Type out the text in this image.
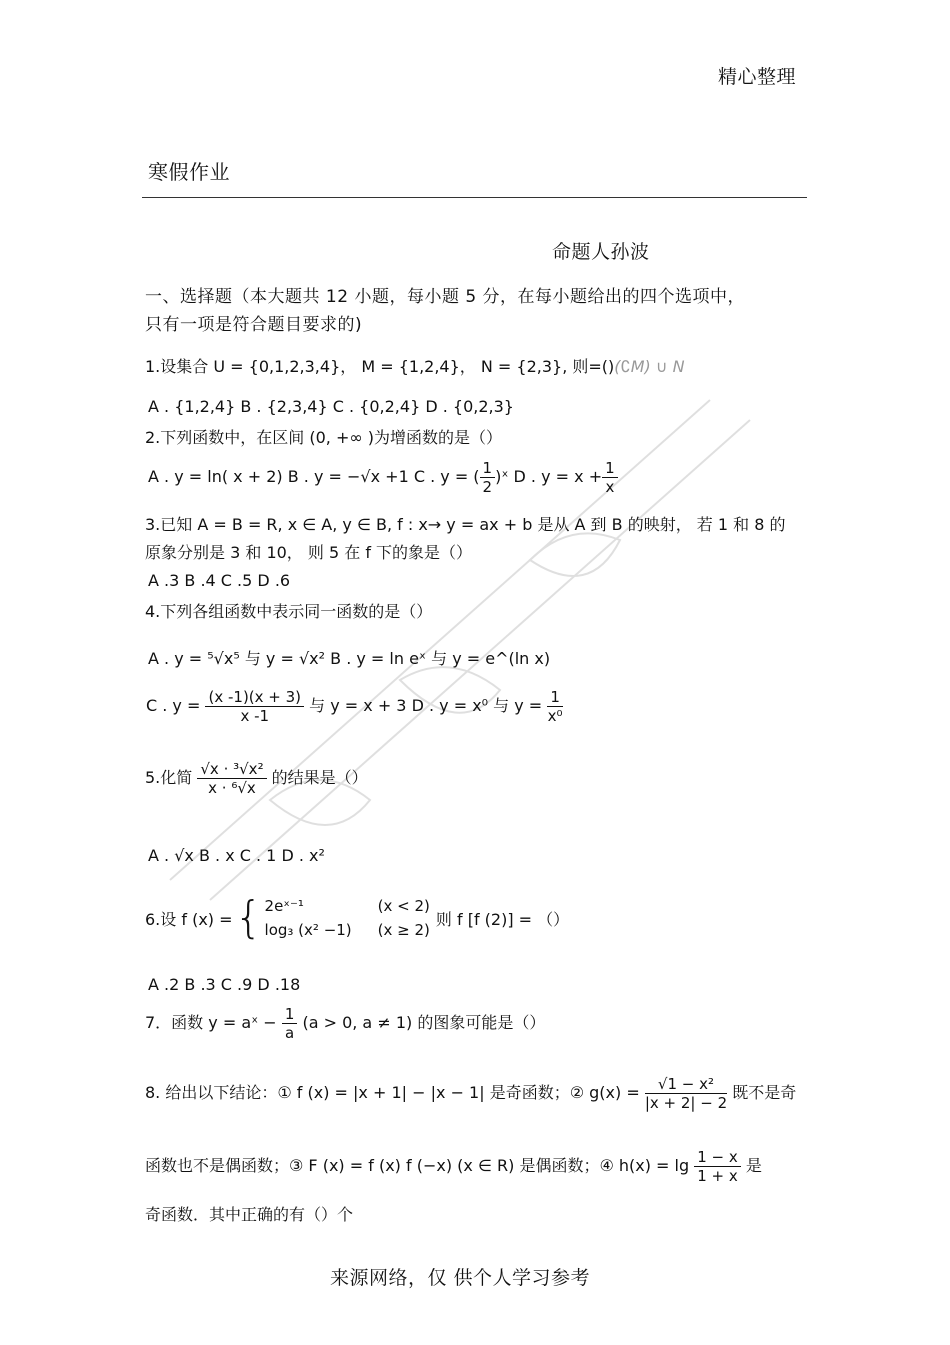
精心整理
寒假作业
命题人孙波
一、选择题（本大题共 12 小题，每小题 5 分，在每小题给出的四个选项中，
只有一项是符合题目要求的)
1.设集合 U = {0,1,2,3,4}， M = {1,2,4}， N = {2,3}, 则=()(∁M) ∪ N
A . {1,2,4} B . {2,3,4} C . {0,2,4} D . {0,2,3}
2.下列函数中，在区间 (0, +∞ )为增函数的是（）
A . y = ln( x + 2) B . y = −√x +1 C . y = ( $\frac{1}{2}$ )ˣ D . $y = x + \frac{1}{x}$
3.已知 A = B = R, x ∈ A, y ∈ B, f : x→ y = ax + b 是从 A 到 B 的映射， 若 1 和 8 的
原象分别是 3 和 10， 则 5 在 f 下的象是（）
A .3 B .4 C .5 D .6
4.下列各组函数中表示同一函数的是（）
A . y = ⁵√x⁵ 与 y = √x² B . y = ln eˣ 与 y = e^(ln x)
C . $y = \frac{(x -1)(x + 3)}{x -1}$ 与 y = x + 3 D . y = x⁰ 与 $y = \frac{1}{\text{x⁰}}$
5.化简 $\frac{\text{√x · ³√x²}}{\text{x · ⁶√x}}$ 的结果是（）
A . √x B . x C . 1 D . x²
6.设 f (x) = { 2eˣ⁻¹	(x < 2)
log₃ (x² −1) (x ≥ 2)
则 f [f (2)] = （）
A .2 B .3 C .9 D .18
7．函数 y = aˣ − $\frac{1}{a} (a > 0$, a ≠ 1) 的图象可能是（）
8. 给出以下结论：① f (x) = |x + 1| − |x − 1| 是奇函数；② $g(x) = \frac{\text{√1 − x²}}{|x + 2| - 2}$ 既不是奇
函数也不是偶函数；③ F (x) = f (x) f (−x) (x ∈ R) 是偶函数；④ $h(x) = \lg \frac{1 - x}{1 + x}$ 是
奇函数．其中正确的有（）个
来源网络，仅 供个人学习参考
